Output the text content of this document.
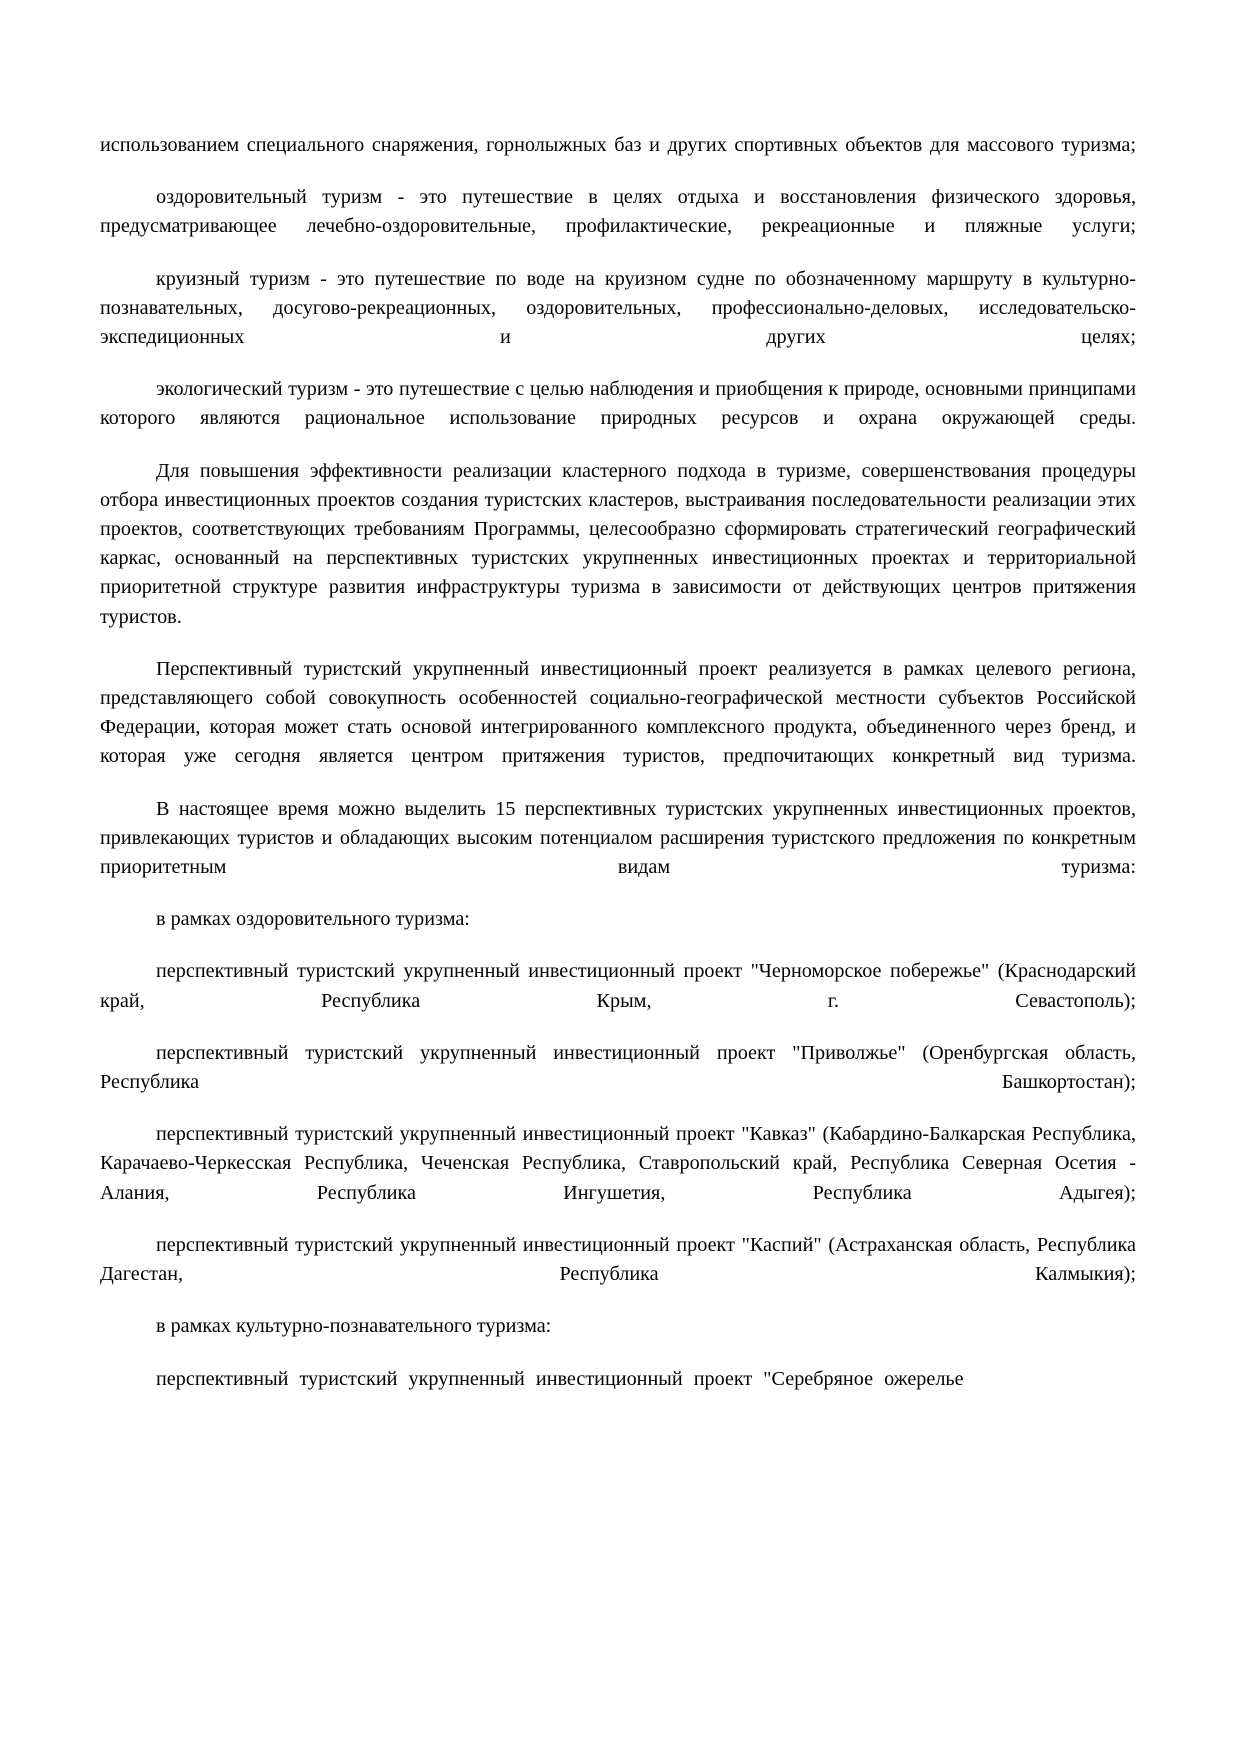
использованием специального снаряжения, горнолыжных баз и других спортивных объектов для массового туризма;

оздоровительный туризм - это путешествие в целях отдыха и восстановления физического здоровья, предусматривающее лечебно-оздоровительные, профилактические, рекреационные и пляжные услуги;

круизный туризм - это путешествие по воде на круизном судне по обозначенному маршруту в культурно-познавательных, досугово-рекреационных, оздоровительных, профессионально-деловых, исследовательско-экспедиционных и других целях;

экологический туризм - это путешествие с целью наблюдения и приобщения к природе, основными принципами которого являются рациональное использование природных ресурсов и охрана окружающей среды.

Для повышения эффективности реализации кластерного подхода в туризме, совершенствования процедуры отбора инвестиционных проектов создания туристских кластеров, выстраивания последовательности реализации этих проектов, соответствующих требованиям Программы, целесообразно сформировать стратегический географический каркас, основанный на перспективных туристских укрупненных инвестиционных проектах и территориальной приоритетной структуре развития инфраструктуры туризма в зависимости от действующих центров притяжения туристов.

Перспективный туристский укрупненный инвестиционный проект реализуется в рамках целевого региона, представляющего собой совокупность особенностей социально-географической местности субъектов Российской Федерации, которая может стать основой интегрированного комплексного продукта, объединенного через бренд, и которая уже сегодня является центром притяжения туристов, предпочитающих конкретный вид туризма.

В настоящее время можно выделить 15 перспективных туристских укрупненных инвестиционных проектов, привлекающих туристов и обладающих высоким потенциалом расширения туристского предложения по конкретным приоритетным видам туризма:

в рамках оздоровительного туризма:

перспективный туристский укрупненный инвестиционный проект "Черноморское побережье" (Краснодарский край, Республика Крым, г. Севастополь);

перспективный туристский укрупненный инвестиционный проект "Приволжье" (Оренбургская область, Республика Башкортостан);

перспективный туристский укрупненный инвестиционный проект "Кавказ" (Кабардино-Балкарская Республика, Карачаево-Черкесская Республика, Чеченская Республика, Ставропольский край, Республика Северная Осетия - Алания, Республика Ингушетия, Республика Адыгея);

перспективный туристский укрупненный инвестиционный проект "Каспий" (Астраханская область, Республика Дагестан, Республика Калмыкия);

в рамках культурно-познавательного туризма:

перспективный туристский укрупненный инвестиционный проект "Серебряное ожерелье
